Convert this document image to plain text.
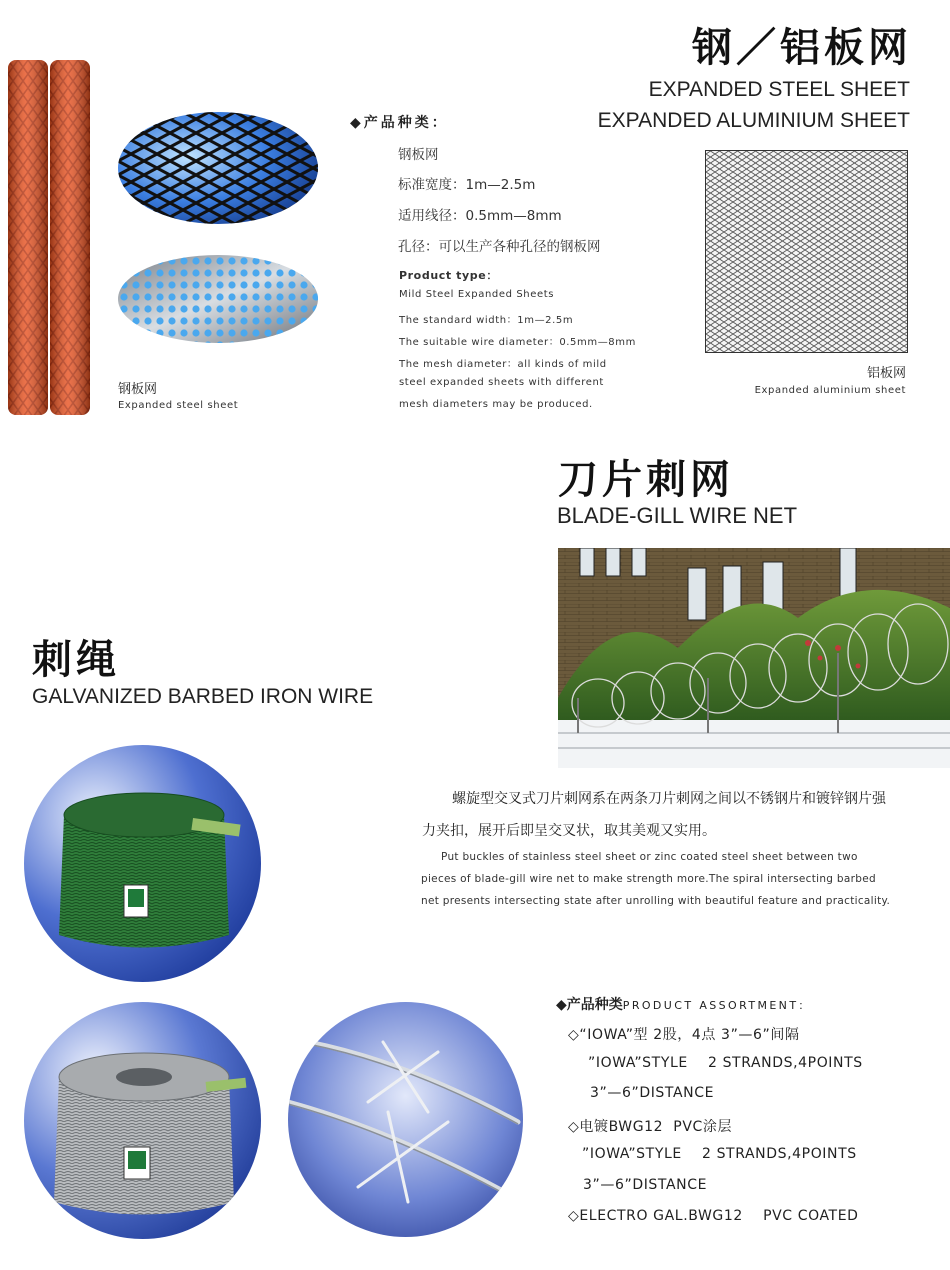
钢板网
Expanded steel sheet
◆产品种类：
钢板网
标准宽度：1m—2.5m
适用线径：0.5mm—8mm
孔径：可以生产各种孔径的钢板网
Product type：
Mild Steel Expanded Sheets
The standard width：1m—2.5m
The suitable wire diameter：0.5mm—8mm
The mesh diameter：all kinds of mild
steel expanded sheets with different
mesh diameters may be produced.
钢／铝板网
EXPANDED STEEL SHEET
EXPANDED ALUMINIUM SHEET
铝板网
Expanded aluminium sheet
刀片刺网
BLADE-GILL WIRE NET
螺旋型交叉式刀片刺网系在两条刀片刺网之间以不锈钢片和镀锌钢片强
力夹扣，展开后即呈交叉状，取其美观又实用。
Put buckles of stainless steel sheet or zinc coated steel sheet between two
pieces of blade-gill wire net to make strength more.The spiral intersecting barbed
net presents intersecting state after unrolling with beautiful feature and practicality.
刺绳
GALVANIZED BARBED IRON WIRE
◆产品种类PRODUCT ASSORTMENT：
◇“IOWA”型 2股，4点 3”—6”间隔
”IOWA”STYLE    2 STRANDS,4POINTS
3”—6”DISTANCE
◇电镀BWG12  PVC涂层
”IOWA”STYLE    2 STRANDS,4POINTS
3”—6”DISTANCE
◇ELECTRO GAL.BWG12    PVC COATED
